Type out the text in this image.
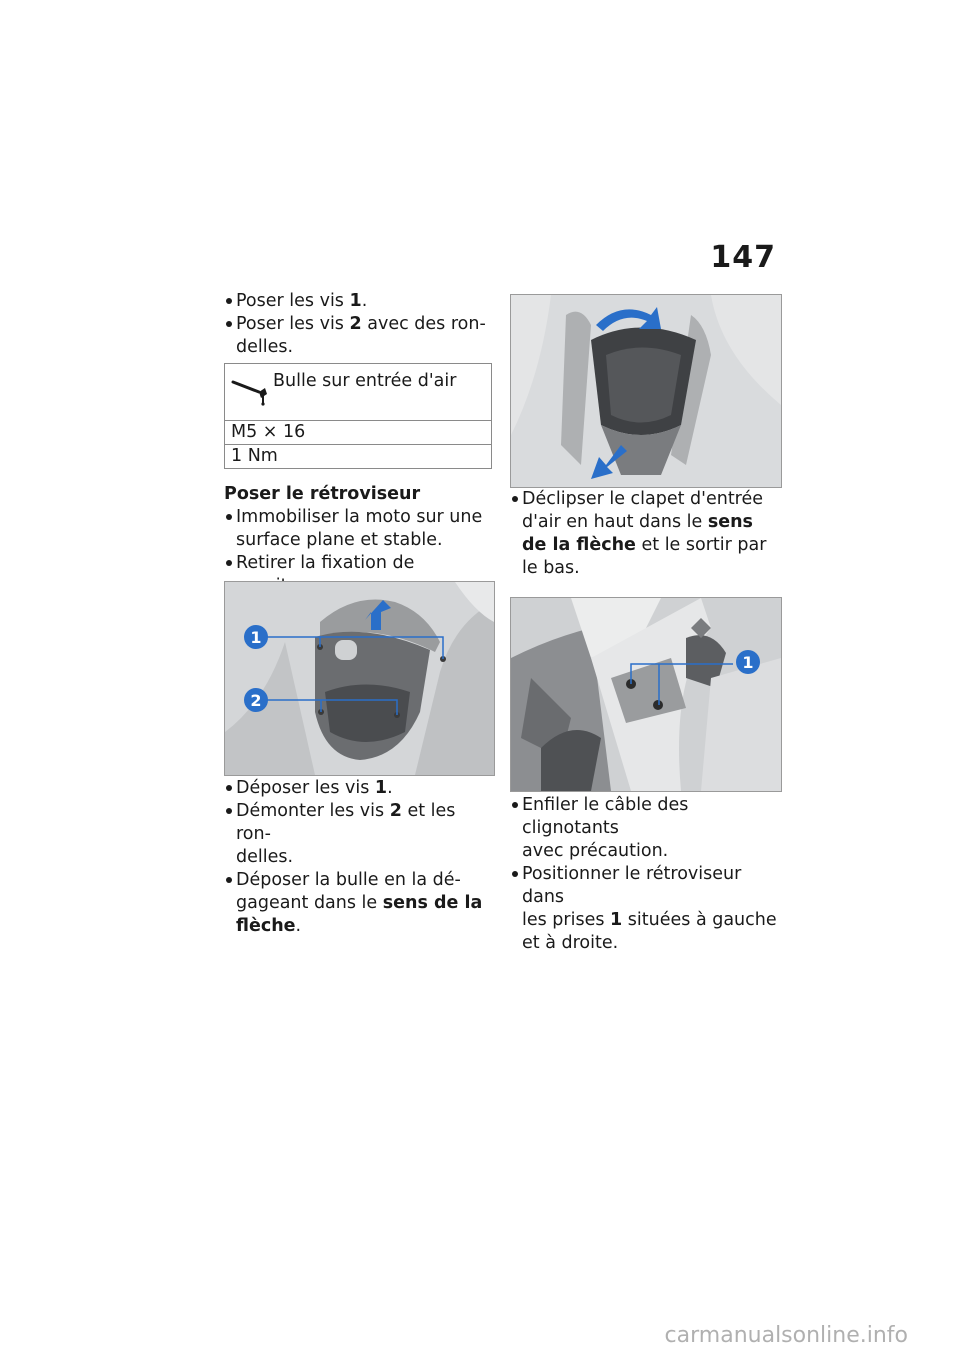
147

Poser les vis 1.

Poser les vis 2 avec des ron-
delles.

Bulle sur entrée d'air
M5 × 16
1 Nm

Poser le rétroviseur

Immobiliser la moto sur une
surface plane et stable.

Retirer la fixation de

1
2

Déposer les vis 1.

Démonter les vis 2 et les ron-
delles.

Déposer la bulle en la dé-
gageant dans le sens de la
flèche.

Déclipser le clapet d'entrée
d'air en haut dans le sens
de la flèche et le sortir par
le bas.

1

Enfiler le câble des clignotants
avec précaution.

Positionner le rétroviseur dans
les prises 1 situées à gauche
et à droite.

carmanualsonline.info
